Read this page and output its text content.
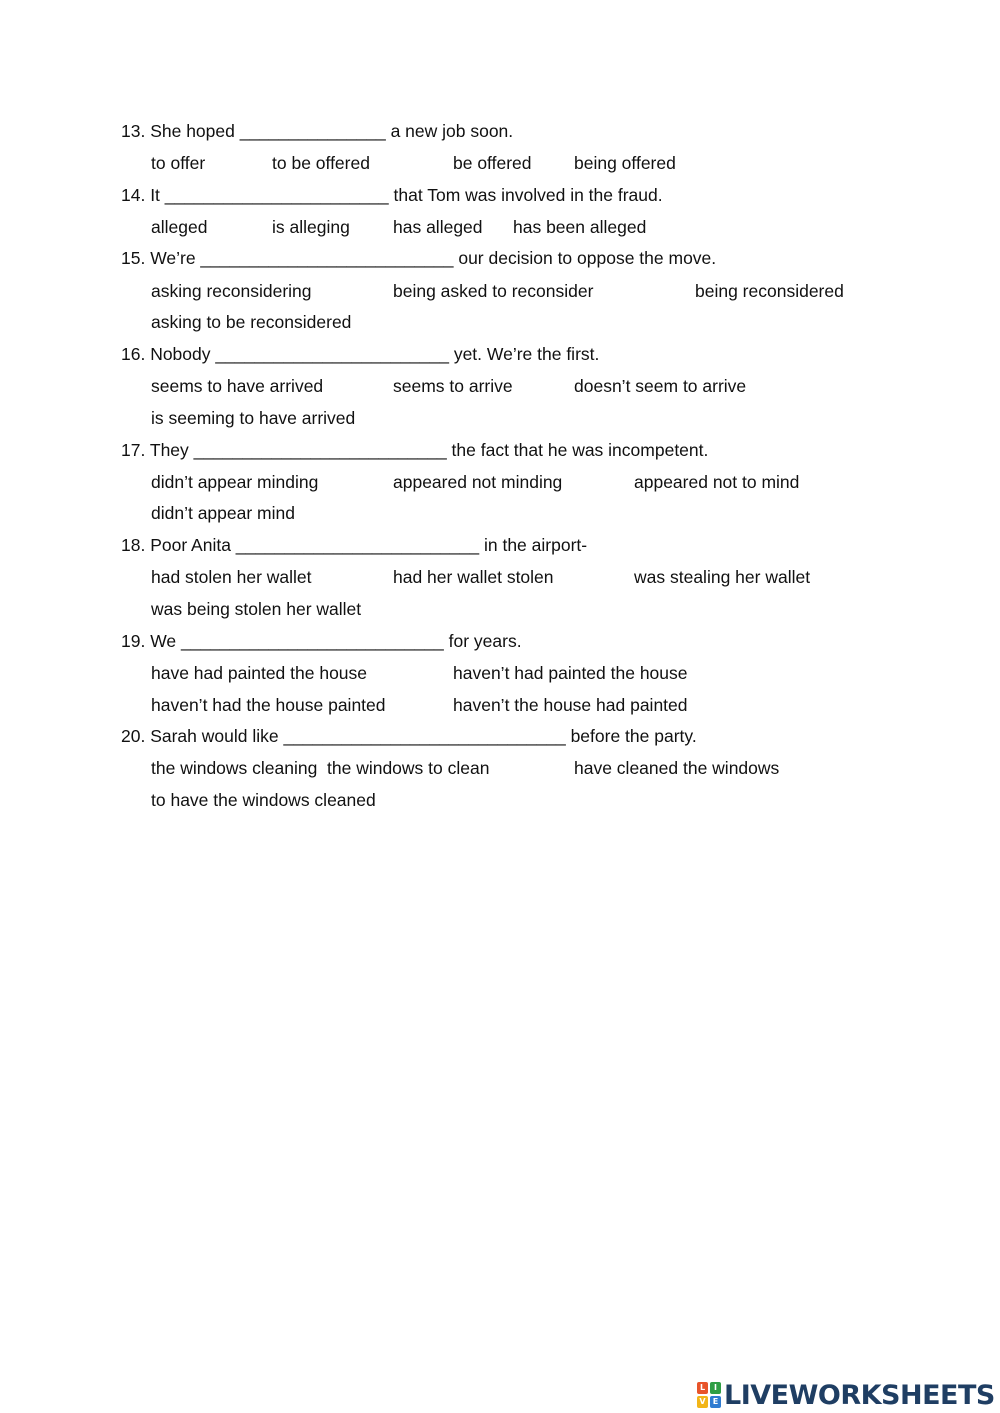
13. She hoped _______________ a new job soon.
to offer	to be offered	be offered being offered
14. It _______________________ that Tom was involved in the fraud.
alleged	is alleging has alleged has been alleged
15. We’re __________________________ our decision to oppose the move.
asking reconsidering	being asked to reconsider	being reconsidered
asking to be reconsidered
16. Nobody ________________________ yet. We’re the first.
seems to have arrived	seems to arrive	doesn’t seem to arrive
is seeming to have arrived
17. They __________________________ the fact that he was incompetent.
didn’t appear minding	appeared not minding	appeared not to mind
didn’t appear mind
18. Poor Anita _________________________ in the airport-
had stolen her wallet	had her wallet stolen	was stealing her wallet
was being stolen her wallet
19. We ___________________________ for years.
have had painted the house	haven’t had painted the house
haven’t had the house painted	haven’t the house had painted
20. Sarah would like _____________________________ before the party.
the windows cleaning the windows to clean	have cleaned the windows
to have the windows cleaned
L	I
V E LIVEWORKSHEETS
